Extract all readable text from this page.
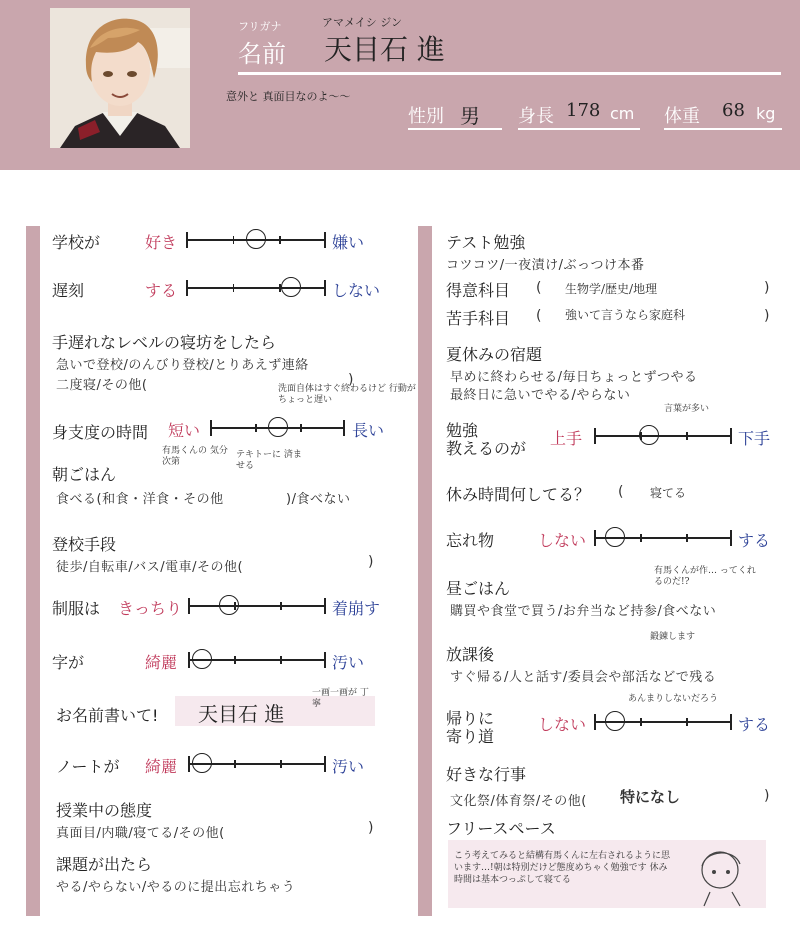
フリガナ
名前
アマメイシ ジン
天目石 進
意外と 真面目なのよ〜〜
性別 男 身長 178 cm 体重 68 kg
学校が	好き	嫌い
遅刻	する	しない
手遅れなレベルの寝坊をしたら
急いで登校/のんびり登校/とりあえず連絡
二度寝/その他(	)
洗面自体はすぐ終わるけど 行動がちょっと遅い
身支度の時間 短い	長い
有馬くんの 気分次第
テキトーに 済ませる
朝ごはん
食べる(和食・洋食・その他	)/食べない
登校手段
徒歩/自転車/バス/電車/その他(	)
制服は きっちり	着崩す
字が	綺麗	汚い
お名前書いて! 天目石 進
一画一画が 丁寧
ノートが 綺麗	汚い
授業中の態度
真面目/内職/寝てる/その他(	)
課題が出たら
やる/やらない/やるのに提出忘れちゃう
テスト勉強
コツコツ/一夜漬け/ぶっつけ本番
得意科目 ( 生物学/歴史/地理	)
苦手科目 ( 強いて言うなら家庭科	)
夏休みの宿題
早めに終わらせる/毎日ちょっとずつやる
最終日に急いでやる/やらない
言葉が多い
勉強
教えるのが
上手	下手
休み時間何してる？ ( 寝てる
忘れ物	しない	する
有馬くんが作… ってくれるのだ!?
昼ごはん
購買や食堂で買う/お弁当など持参/食べない
鍛錬します
放課後
すぐ帰る/人と話す/委員会や部活などで残る
あんまりしないだろう
帰りに
寄り道
しない	する
好きな行事
文化祭/体育祭/その他( 特になし	)
フリースペース
こう考えてみると結構有馬くんに左右されるように思います…!朝は特別だけど態度めちゃく勉強です 休み時間は基本つっぷして寝てる
